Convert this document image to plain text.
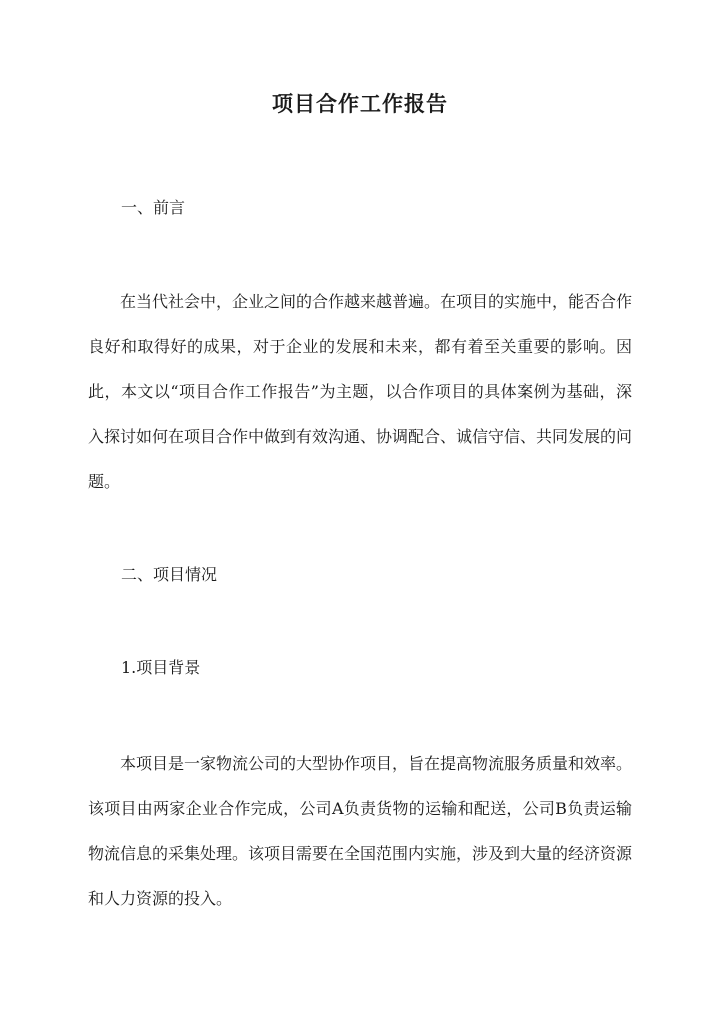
项目合作工作报告
一、前言

在当代社会中，企业之间的合作越来越普遍。在项目的实施中，能否合作良好和取得好的成果，对于企业的发展和未来，都有着至关重要的影响。因此，本文以“项目合作工作报告”为主题，以合作项目的具体案例为基础，深入探讨如何在项目合作中做到有效沟通、协调配合、诚信守信、共同发展的问题。

二、项目情况
1.项目背景

本项目是一家物流公司的大型协作项目，旨在提高物流服务质量和效率。该项目由两家企业合作完成，公司A负责货物的运输和配送，公司B负责运输物流信息的采集处理。该项目需要在全国范围内实施，涉及到大量的经济资源和人力资源的投入。
